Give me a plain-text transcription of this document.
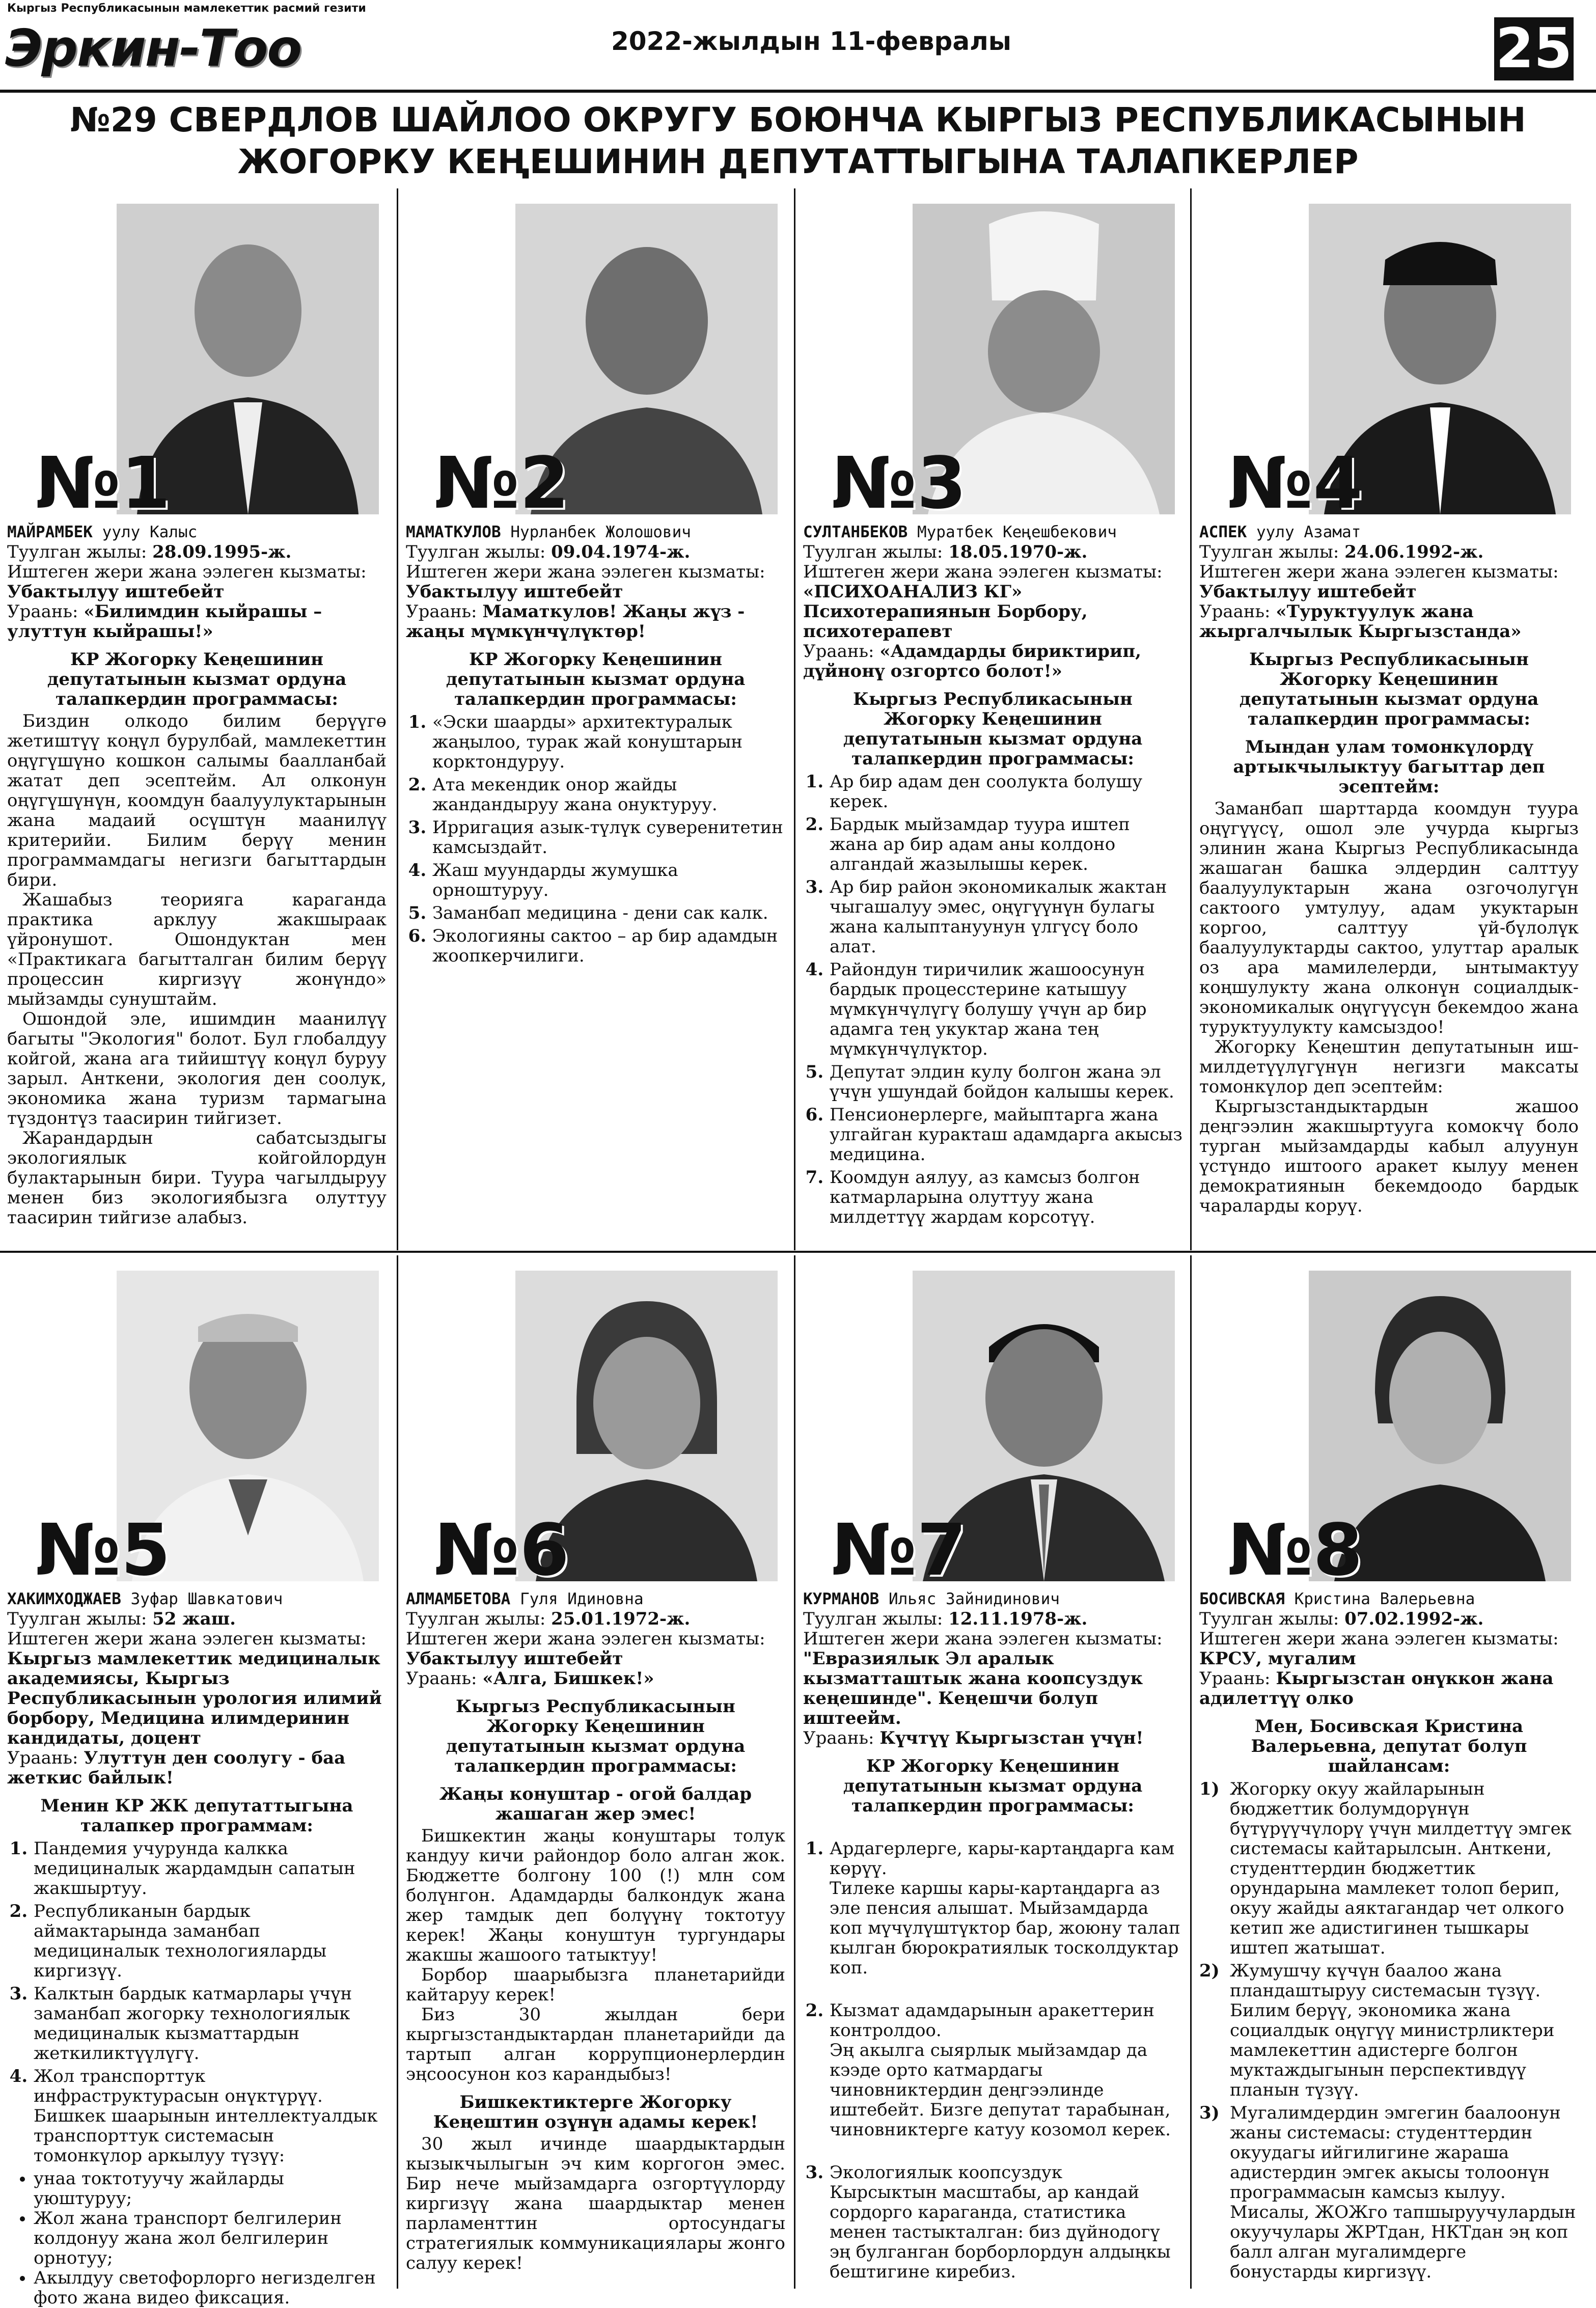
Кыргыз Республикасынын мамлекеттик расмий гезити
Эркин-Тоо	2022-жылдын 11-февралы	25
№29 СВЕРДЛОВ ШАЙЛОО ОКРУГУ БОЮНЧА КЫРГЫЗ РЕСПУБЛИКАСЫНЫН
ЖОГОРКУ КЕҢЕШИНИН ДЕПУТАТТЫГЫНА ТАЛАПКЕРЛЕР
№1

МАЙРАМБЕК уулу Калыс

Туулган жылы: 28.09.1995-ж.

Иштеген жери жана ээлеген кызматы:

Убактылуу иштебейт

Ураань: «Билимдин кыйрашы – улуттун кыйрашы!»

КР Жогорку Кеңешинин депутатынын кызмат ордуна талапкердин программасы:

Биздин олкодо билим берүүгө жетиштүү коңүл бурулбай, мамлекеттин оңүгүшүно кошкон салымы баалланбай жатат деп эсептейм. Ал олконун оңүгүшүнүн, коомдун баалуулуктарынын жана мадаий осүштүн маанилүү критерийи. Билим берүү менин программамдагы негизги багыттардын бири.

Жашабыз теорияга караганда практика арклуу жакшыраак үйронушот. Ошондуктан мен «Практикага багытталган билим берүү процессин киргизүү жонүндо» мыйзамды сунуштайм.

Ошондой эле, ишимдин маанилүү багыты "Экология" болот. Бул глобалдуу койгой, жана ага тийиштүү коңүл буруу зарыл. Анткени, экология ден соолук, экономика жана туризм тармагына түздонтүз таасирин тийгизет.

Жарандардын сабатсыздыгы экологиялык койгойлордун булактарынын бири. Туура чагылдыруу менен биз экологиябызга олуттуу таасирин тийгизе алабыз.

№2

МАМАТКУЛОВ Нурланбек Жолошович

Туулган жылы: 09.04.1974-ж.

Иштеген жери жана ээлеген кызматы:

Убактылуу иштебейт

Ураань: Маматкулов! Жаңы жүз - жаңы мүмкүнчүлүктөр!

КР Жогорку Кеңешинин депутатынын кызмат ордуна талапкердин программасы:

1. «Эски шаарды» архитектуралык жаңылоо, турак жай конуштарын корктондуруу.
2. Ата мекендик онор жайды жандандыруу жана онуктуруу.
3. Ирригация азык-түлүк суверенитетин камсыздайт.
4. Жаш муундарды жумушка орноштуруу.
5. Заманбап медицина - дени сак калк.
6. Экологияны сактоо – ар бир адамдын жоопкерчилиги.
№3

СУЛТАНБЕКОВ Муратбек Кеңешбекович

Туулган жылы: 18.05.1970-ж.

Иштеген жери жана ээлеген кызматы:

«ПСИХОАНАЛИЗ КГ» Психотерапиянын Борбору, психотерапевт

Ураань: «Адамдарды бириктирип, дүйнонү озгортсо болот!»

Кыргыз Республикасынын Жогорку Кеңешинин депутатынын кызмат ордуна талапкердин программасы:

1. Ар бир адам ден соолукта болушу керек.
2. Бардык мыйзамдар туура иштеп жана ар бир адам аны колдоно алгандай жазылышы керек.
3. Ар бир район экономикалык жактан чыгашалуу эмес, оңүгүүнүн булагы жана калыптануунун үлгүсү боло алат.
4. Райондун тиричилик жашоосунун бардык процесстерине катышуу мүмкүнчүлүгү болушу үчүн ар бир адамга тең укуктар жана тең мүмкүнчүлүктор.
5. Депутат элдин кулу болгон жана эл үчүн ушундай бойдон калышы керек.
6. Пенсионерлерге, майыптарга жана улгайган куракташ адамдарга акысыз медицина.
7. Коомдун аялуу, аз камсыз болгон катмарларына олуттуу жана милдеттүү жардам корсотүү.
№4

АСПЕК уулу Азамат

Туулган жылы: 24.06.1992-ж.

Иштеген жери жана ээлеген кызматы:

Убактылуу иштебейт

Ураань: «Туруктуулук жана жыргалчылык Кыргызстанда»

Кыргыз Республикасынын Жогорку Кеңешинин депутатынын кызмат ордуна талапкердин программасы:

Мындан улам томонкүлордү артыкчылыктуу багыттар деп эсептейм:

Заманбап шарттарда коомдун туура оңүгүүсү, ошол эле учурда кыргыз элинин жана Кыргыз Республикасында жашаган башка элдердин салттуу баалуулуктарын жана озгочолугүн сактоого умтулуу, адам укуктарын коргоо, салттуу үй-бүлолүк баалуулуктарды сактоо, улуттар аралык оз ара мамилелерди, ынтымактуу коңшулукту жана олконүн социалдык-экономикалык оңүгүүсүн бекемдоо жана туруктуулукту камсыздоо!

Жогорку Кеңештин депутатынын иш-милдетүүлүгүнүн негизги максаты томонкүлор деп эсептейм:

Кыргызстандыктардын жашоо деңгээлин жакшыртууга комокчү боло турган мыйзамдарды кабыл алуунун үстүндо иштоого аракет кылуу менен демократиянын бекемдоодо бардык чараларды коруү.

№5

ХАКИМХОДЖАЕВ Зуфар Шавкатович

Туулган жылы: 52 жаш.

Иштеген жери жана ээлеген кызматы:

Кыргыз мамлекеттик медициналык академиясы, Кыргыз Республикасынын урология илимий борбору, Медицина илимдеринин кандидаты, доцент

Ураань: Улуттун ден соолугу - баа жеткис байлык!

Менин КР ЖК депутаттыгына талапкер программам:

1. Пандемия учурунда калкка медициналык жардамдын сапатын жакшыртуу.
2. Республиканын бардык аймактарында заманбап медициналык технологияларды киргизүү.
3. Калктын бардык катмарлары үчүн заманбап жогорку технологиялык медициналык кызматтардын жеткиликтүүлүгү.
4. Жол транспорттук инфраструктурасын онүктүрүү. Бишкек шаарынын интеллектуалдык транспорттук системасын томонкүлор аркылуу түзүү:
• унаа токтотуучу жайларды уюштуруу;
• Жол жана транспорт белгилерин колдонуу жана жол белгилерин орнотуу;
• Акылдуу светофорлорго негизделген фото жана видео фиксация.
№6

АЛМАМБЕТОВА Гуля Идиновна

Туулган жылы: 25.01.1972-ж.

Иштеген жери жана ээлеген кызматы:

Убактылуу иштебейт

Ураань: «Алга, Бишкек!»

Кыргыз Республикасынын Жогорку Кеңешинин депутатынын кызмат ордуна талапкердин программасы:

Жаңы конуштар - огой балдар жашаган жер эмес!

Бишкектин жаңы конуштары толук кандуу кичи райондор боло алган жок. Бюджетте болгону 100 (!) млн сом болүнгон. Адамдарды балкондук жана жер тамдык деп болүүнү токтотуу керек! Жаңы конуштун тургундары жакшы жашоого татыктуу!

Борбор шаарыбызга планетарийди кайтаруу керек!

Биз 30 жылдан бери кыргызстандыктардан планетарийди да тартып алган коррупционерлердин эңсоосунон коз карандыбыз!

Бишкектиктерге Жогорку Кеңештин озүнүн адамы керек!

30 жыл ичинде шаардыктардын кызыкчылыгын эч ким коргогон эмес. Бир нече мыйзамдарга озгортүүлорду киргизүү жана шаардыктар менен парламенттин ортосундагы стратегиялык коммуникациялары жонго салуу керек!

№7

КУРМАНОВ Ильяс Зайнидинович

Туулган жылы: 12.11.1978-ж.

Иштеген жери жана ээлеген кызматы:

"Евразиялык Эл аралык кызматташтык жана коопсуздук кеңешинде". Кеңешчи болуп иштеейм.

Ураань: Күчтүү Кыргызстан үчүн!

КР Жогорку Кеңешинин депутатынын кызмат ордуна талапкердин программасы:

1. Ардагерлерге, кары-картаңдарга кам көрүү.
Тилеке каршы кары-картаңдарга аз эле пенсия алышат. Мыйзамдарда коп мүчүлүштүктор бар, жоюну талап кылган бюрократиялык тосколдуктар коп.

2. Кызмат адамдарынын аракеттерин контролдоо.
Эң акылга сыярлык мыйзамдар да кээде орто катмардагы чиновниктердин деңгээлинде иштебейт. Бизге депутат тарабынан, чиновниктерге катуу козомол керек.

3. Экологиялык коопсуздук
Кырсыктын масштабы, ар кандай сордорго караганда, статистика менен тастыкталган: биз дүйнодогү эң булганган борборлордун алдыңкы бештигине киребиз.

№8

БОСИВСКАЯ Кристина Валерьевна

Туулган жылы: 07.02.1992-ж.

Иштеген жери жана ээлеген кызматы:

КРСУ, мугалим

Ураань: Кыргызстан онүккон жана адилеттүү олко

Мен, Босивская Кристина Валерьевна, депутат болуп шайлансам:

1) Жогорку окуу жайларынын бюджеттик болумдорүнүн бүтүрүүчүлорү үчүн милдеттүү эмгек системасы кайтарылсын. Анткени, студенттердин бюджеттик орундарына мамлекет толоп берип, окуу жайды аяктагандар чет олкого кетип же адистигинен тышкары иштеп жатышат.
2) Жумушчу күчүн баалоо жана пландаштыруу системасын түзүү. Билим берүү, экономика жана социалдык оңүгүү министрликтери мамлекеттин адистерге болгон муктаждыгынын перспективдүү планын түзүү.
3) Мугалимдердин эмгегин баалоонун жаны системасы: студенттердин окуудагы ийгилигине жараша адистердин эмгек акысы толоонүн программасын камсыз кылуу. Мисалы, ЖОЖго тапшыруучулардын окуучулары ЖРТдан, НКТдан эң коп балл алган мугалимдерге бонустарды киргизүү.
